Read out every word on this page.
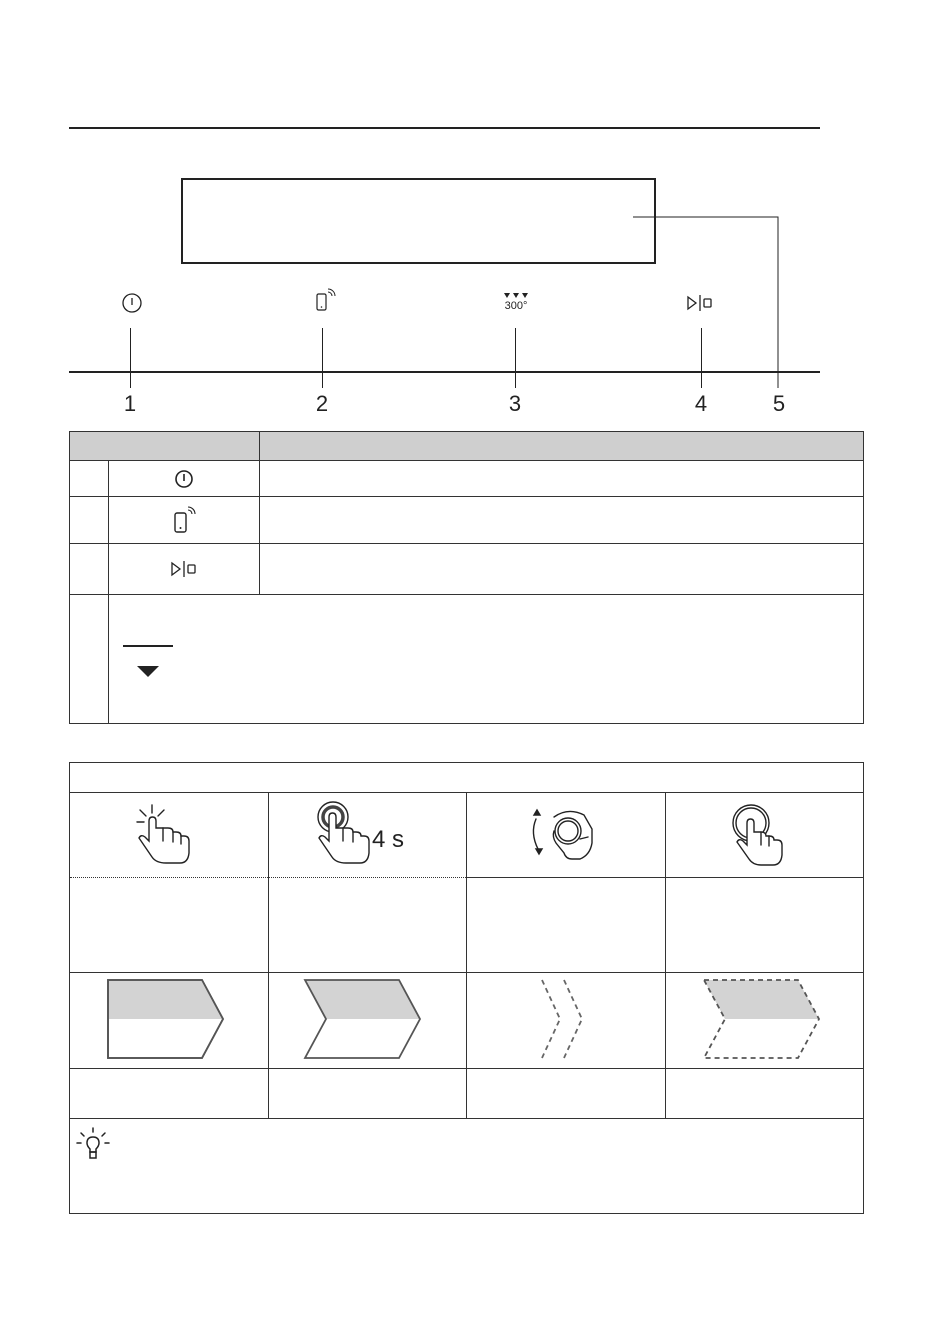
300°
1	2	3	4	5

4 s
